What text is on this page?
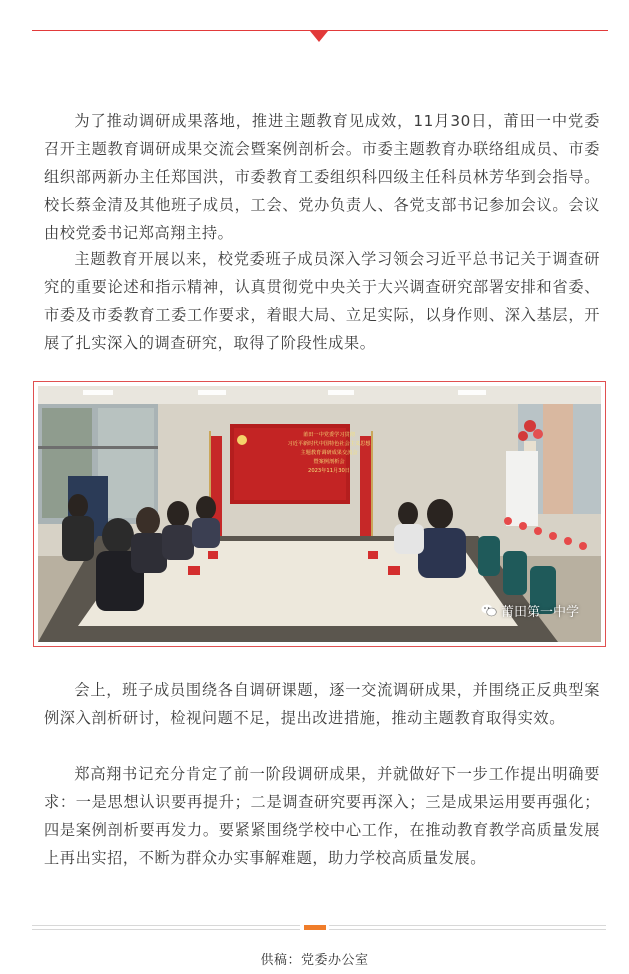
为了推动调研成果落地，推进主题教育见成效，11月30日，莆田一中党委召开主题教育调研成果交流会暨案例剖析会。市委主题教育办联络组成员、市委组织部两新办主任郑国洪，市委教育工委组织科四级主任科员林芳华到会指导。校长蔡金清及其他班子成员，工会、党办负责人、各党支部书记参加会议。会议由校党委书记郑高翔主持。

主题教育开展以来，校党委班子成员深入学习领会习近平总书记关于调查研究的重要论述和指示精神，认真贯彻党中央关于大兴调查研究部署安排和省委、市委及市委教育工委工作要求，着眼大局、立足实际，以身作则、深入基层，开展了扎实深入的调查研究，取得了阶段性成果。

莆田一中党委学习贯彻
习近平新时代中国特色社会主义思想
主题教育调研成果交流会
暨案例剖析会
2023年11月30日
莆田第一中学

会上，班子成员围绕各自调研课题，逐一交流调研成果，并围绕正反典型案例深入剖析研讨，检视问题不足，提出改进措施，推动主题教育取得实效。

郑高翔书记充分肯定了前一阶段调研成果，并就做好下一步工作提出明确要求：一是思想认识要再提升；二是调查研究要再深入；三是成果运用要再强化；四是案例剖析要再发力。要紧紧围绕学校中心工作，在推动教育教学高质量发展上再出实招，不断为群众办实事解难题，助力学校高质量发展。

供稿：党委办公室
